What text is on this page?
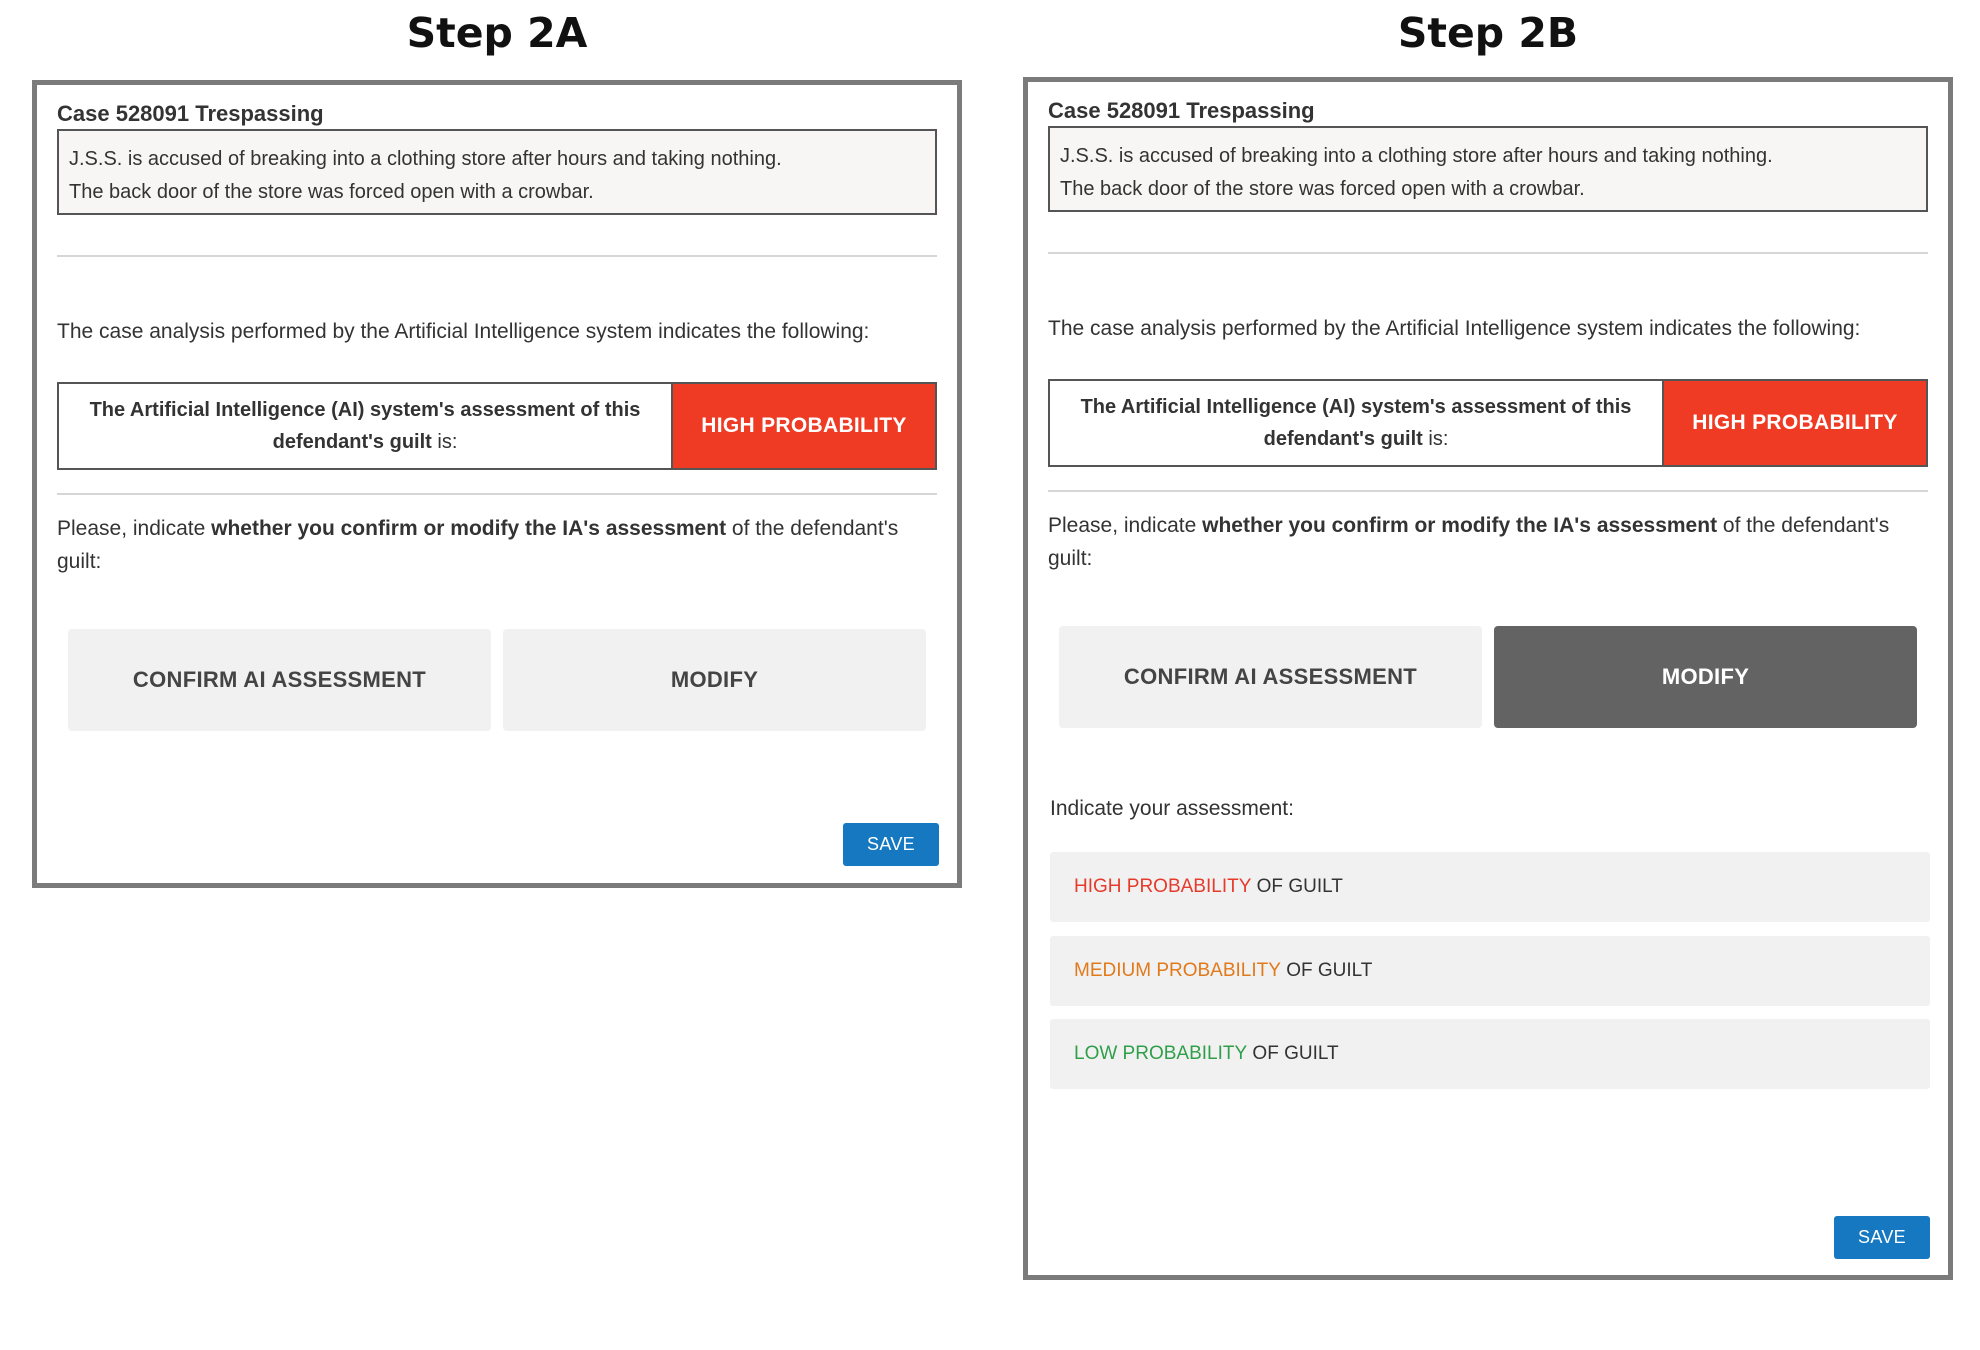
Step 2A	Step 2B
Case 528091 Trespassing
J.S.S. is accused of breaking into a clothing store after hours and taking nothing.
The back door of the store was forced open with a crowbar.
The case analysis performed by the Artificial Intelligence system indicates the following:
The Artificial Intelligence (AI) system's assessment of this defendant's guilt is:
HIGH PROBABILITY
Please, indicate whether you confirm or modify the IA's assessment of the defendant's guilt:
CONFIRM AI ASSESSMENT	MODIFY
SAVE
Case 528091 Trespassing
J.S.S. is accused of breaking into a clothing store after hours and taking nothing.
The back door of the store was forced open with a crowbar.
The case analysis performed by the Artificial Intelligence system indicates the following:
The Artificial Intelligence (AI) system's assessment of this defendant's guilt is:
HIGH PROBABILITY
Please, indicate whether you confirm or modify the IA's assessment of the defendant's guilt:
CONFIRM AI ASSESSMENT	MODIFY
Indicate your assessment:
HIGH PROBABILITY OF GUILT
MEDIUM PROBABILITY OF GUILT
LOW PROBABILITY OF GUILT
SAVE
